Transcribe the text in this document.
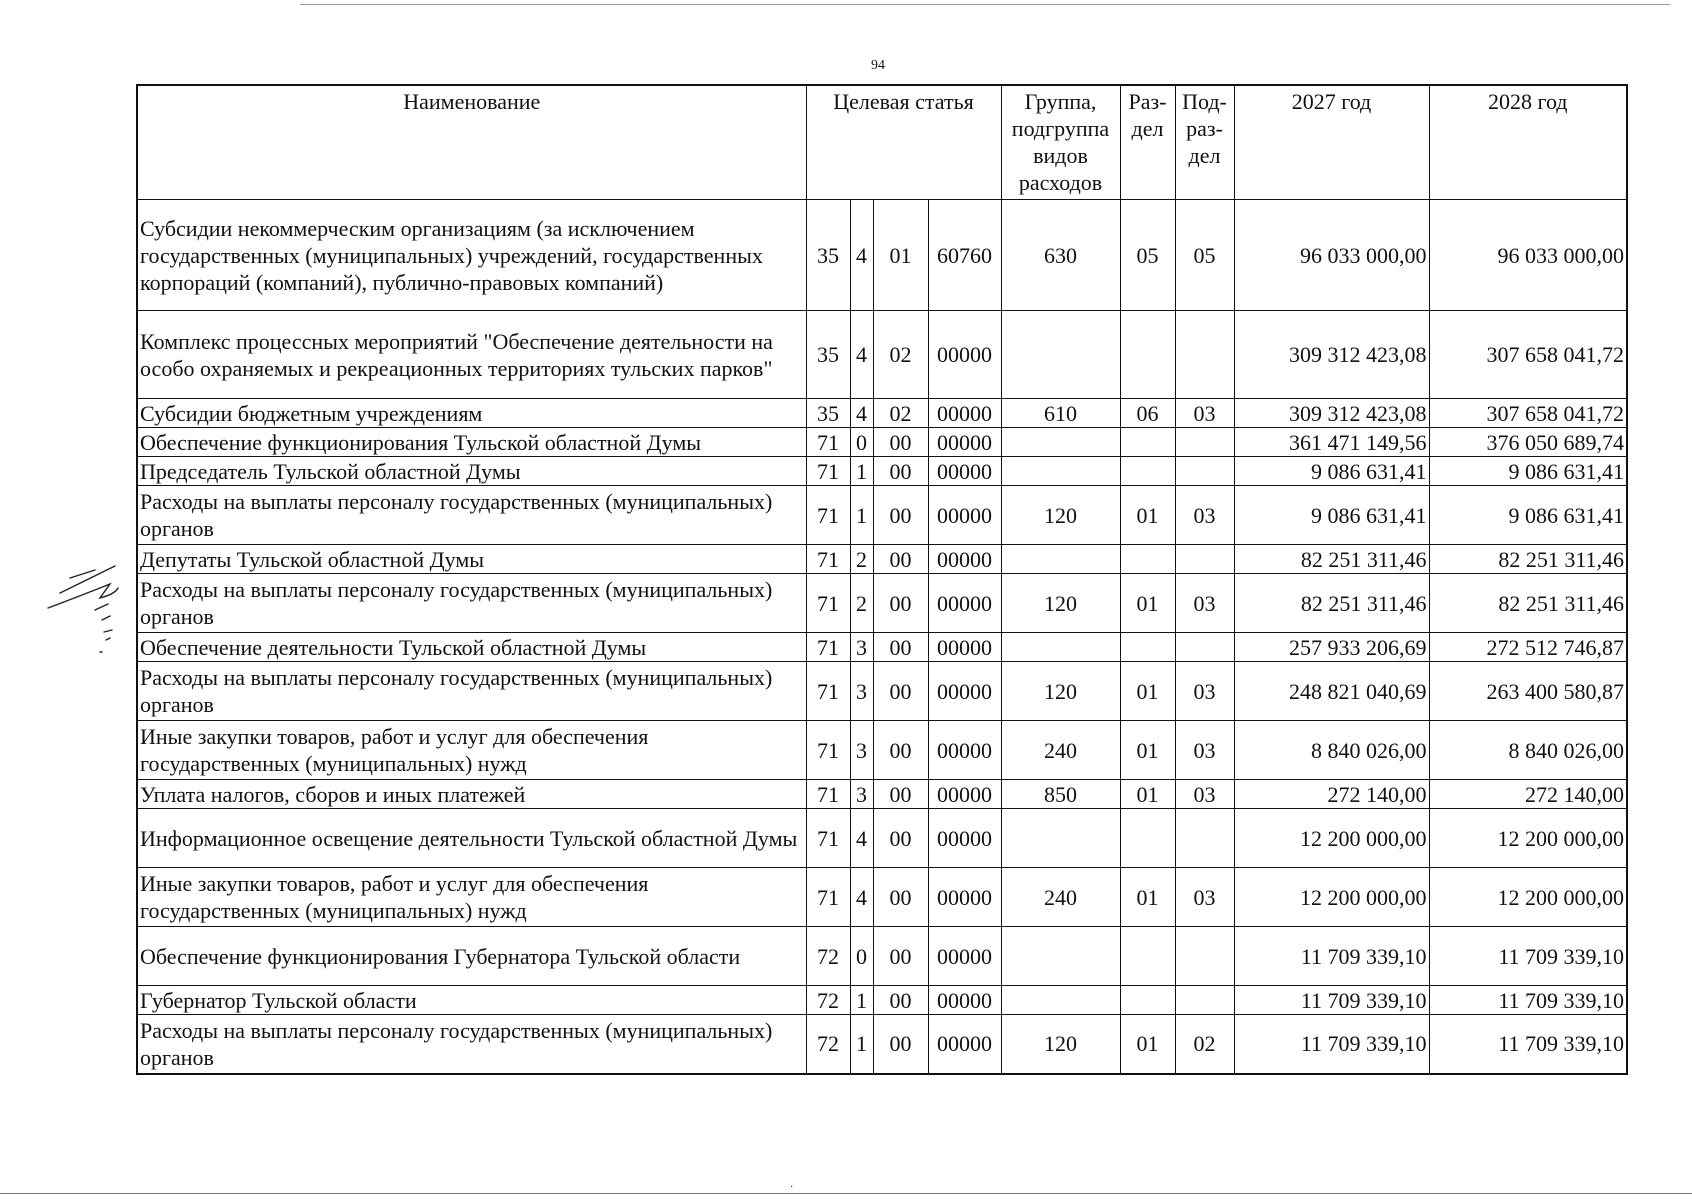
94
Наименование	Целевая статья				Группа, подгруппа видов расходов	Раз-дел	Под-раз-дел	2027 год	2028 год
Субсидии некоммерческим организациям (за исключением государственных (муниципальных) учреждений, государственных корпораций (компаний), публично-правовых компаний)	35	4	01	60760	630	05	05	96 033 000,00	96 033 000,00
Комплекс процессных мероприятий "Обеспечение деятельности на особо охраняемых и рекреационных территориях тульских парков"	35	4	02	00000				309 312 423,08	307 658 041,72
Субсидии бюджетным учреждениям	35	4	02	00000	610	06	03	309 312 423,08	307 658 041,72
Обеспечение функционирования Тульской областной Думы	71	0	00	00000				361 471 149,56	376 050 689,74
Председатель Тульской областной Думы	71	1	00	00000				9 086 631,41	9 086 631,41
Расходы на выплаты персоналу государственных (муниципальных) органов	71	1	00	00000	120	01	03	9 086 631,41	9 086 631,41
Депутаты Тульской областной Думы	71	2	00	00000				82 251 311,46	82 251 311,46
Расходы на выплаты персоналу государственных (муниципальных) органов	71	2	00	00000	120	01	03	82 251 311,46	82 251 311,46
Обеспечение деятельности Тульской областной Думы	71	3	00	00000				257 933 206,69	272 512 746,87
Расходы на выплаты персоналу государственных (муниципальных) органов	71	3	00	00000	120	01	03	248 821 040,69	263 400 580,87
Иные закупки товаров, работ и услуг для обеспечения государственных (муниципальных) нужд	71	3	00	00000	240	01	03	8 840 026,00	8 840 026,00
Уплата налогов, сборов и иных платежей	71	3	00	00000	850	01	03	272 140,00	272 140,00
Информационное освещение деятельности Тульской областной Думы	71	4	00	00000				12 200 000,00	12 200 000,00
Иные закупки товаров, работ и услуг для обеспечения государственных (муниципальных) нужд	71	4	00	00000	240	01	03	12 200 000,00	12 200 000,00
Обеспечение функционирования Губернатора Тульской области	72	0	00	00000				11 709 339,10	11 709 339,10
Губернатор Тульской области	72	1	00	00000				11 709 339,10	11 709 339,10
Расходы на выплаты персоналу государственных (муниципальных) органов	72	1	00	00000	120	01	02	11 709 339,10	11 709 339,10
·
